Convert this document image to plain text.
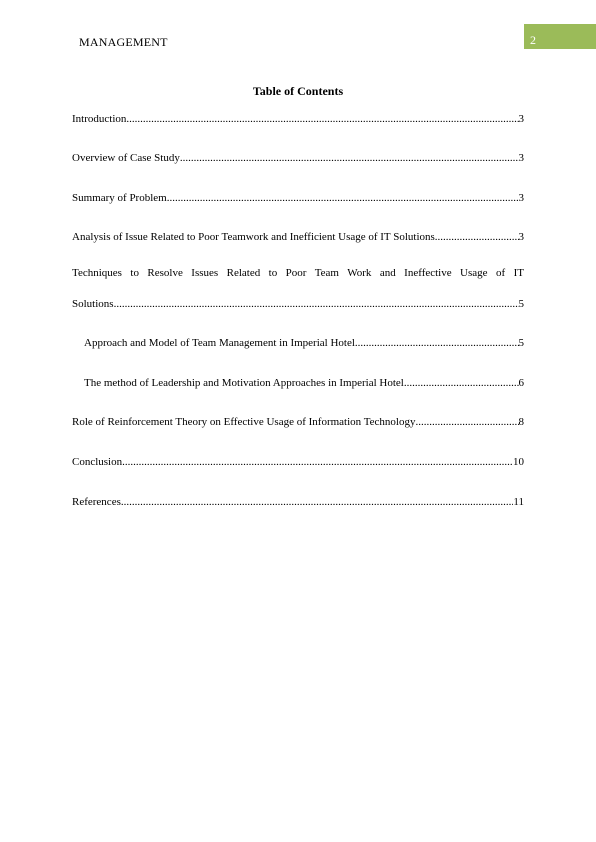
MANAGEMENT	2
Table of Contents
Introduction .....	3
Overview of Case Study .....	3
Summary of Problem .....	3
Analysis of Issue Related to Poor Teamwork and Inefficient Usage of IT Solutions .....	3
Techniques to Resolve Issues Related to Poor Team Work and Ineffective Usage of IT
Solutions .....	5
Approach and Model of Team Management in Imperial Hotel .....	5
The method of Leadership and Motivation Approaches in Imperial Hotel .....	6
Role of Reinforcement Theory on Effective Usage of Information Technology .....	8
Conclusion .....	10
References .....	11
